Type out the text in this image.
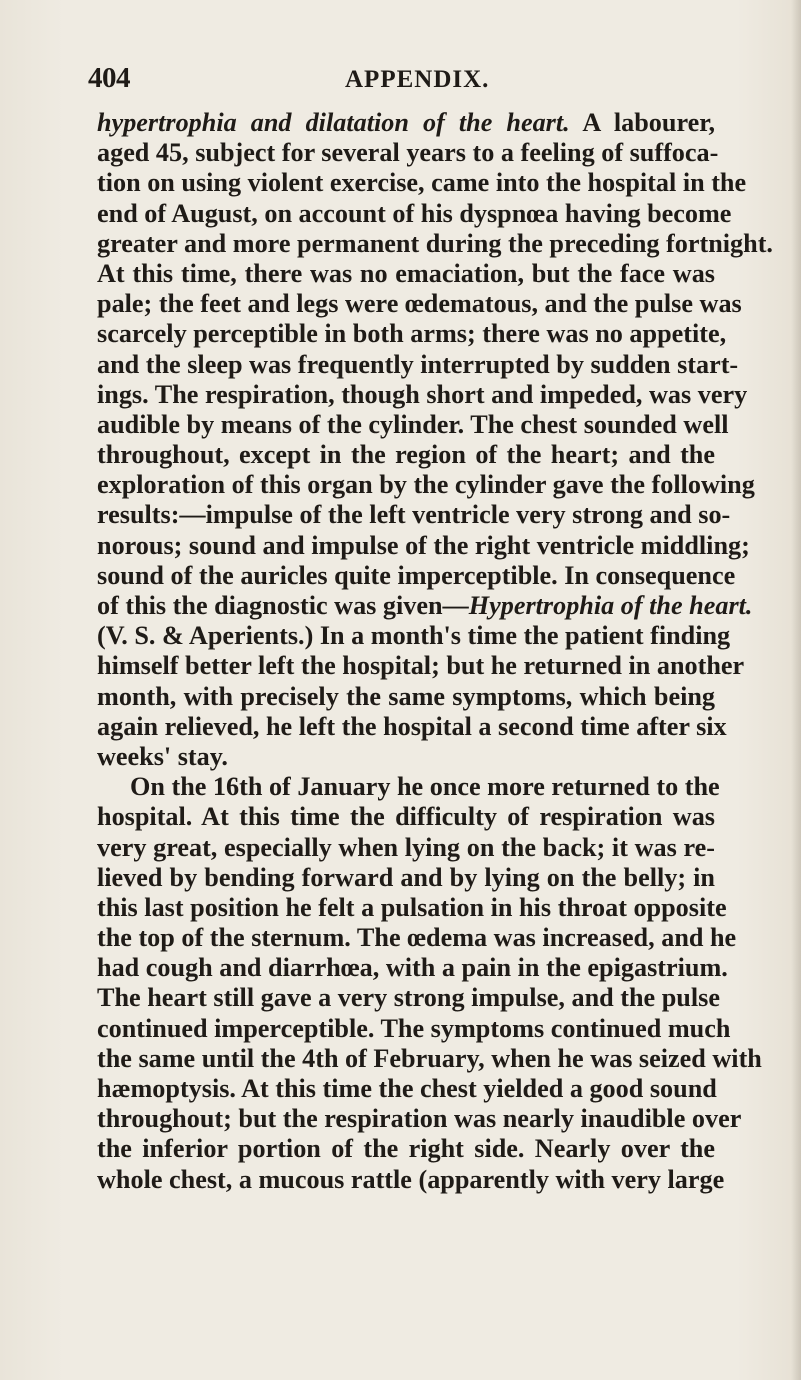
404	APPENDIX.
hypertrophia and dilatation of the heart. A labourer,
aged 45, subject for several years to a feeling of suffoca-
tion on using violent exercise, came into the hospital in the
end of August, on account of his dyspnœa having become
greater and more permanent during the preceding fortnight.
At this time, there was no emaciation, but the face was
pale; the feet and legs were œdematous, and the pulse was
scarcely perceptible in both arms; there was no appetite,
and the sleep was frequently interrupted by sudden start-
ings. The respiration, though short and impeded, was very
audible by means of the cylinder. The chest sounded well
throughout, except in the region of the heart; and the
exploration of this organ by the cylinder gave the following
results:—impulse of the left ventricle very strong and so-
norous; sound and impulse of the right ventricle middling;
sound of the auricles quite imperceptible. In consequence
of this the diagnostic was given—Hypertrophia of the heart.
(V. S. & Aperients.) In a month's time the patient finding
himself better left the hospital; but he returned in another
month, with precisely the same symptoms, which being
again relieved, he left the hospital a second time after six
weeks' stay.
On the 16th of January he once more returned to the
hospital. At this time the difficulty of respiration was
very great, especially when lying on the back; it was re-
lieved by bending forward and by lying on the belly; in
this last position he felt a pulsation in his throat opposite
the top of the sternum. The œdema was increased, and he
had cough and diarrhœa, with a pain in the epigastrium.
The heart still gave a very strong impulse, and the pulse
continued imperceptible. The symptoms continued much
the same until the 4th of February, when he was seized with
hæmoptysis. At this time the chest yielded a good sound
throughout; but the respiration was nearly inaudible over
the inferior portion of the right side. Nearly over the
whole chest, a mucous rattle (apparently with very large
